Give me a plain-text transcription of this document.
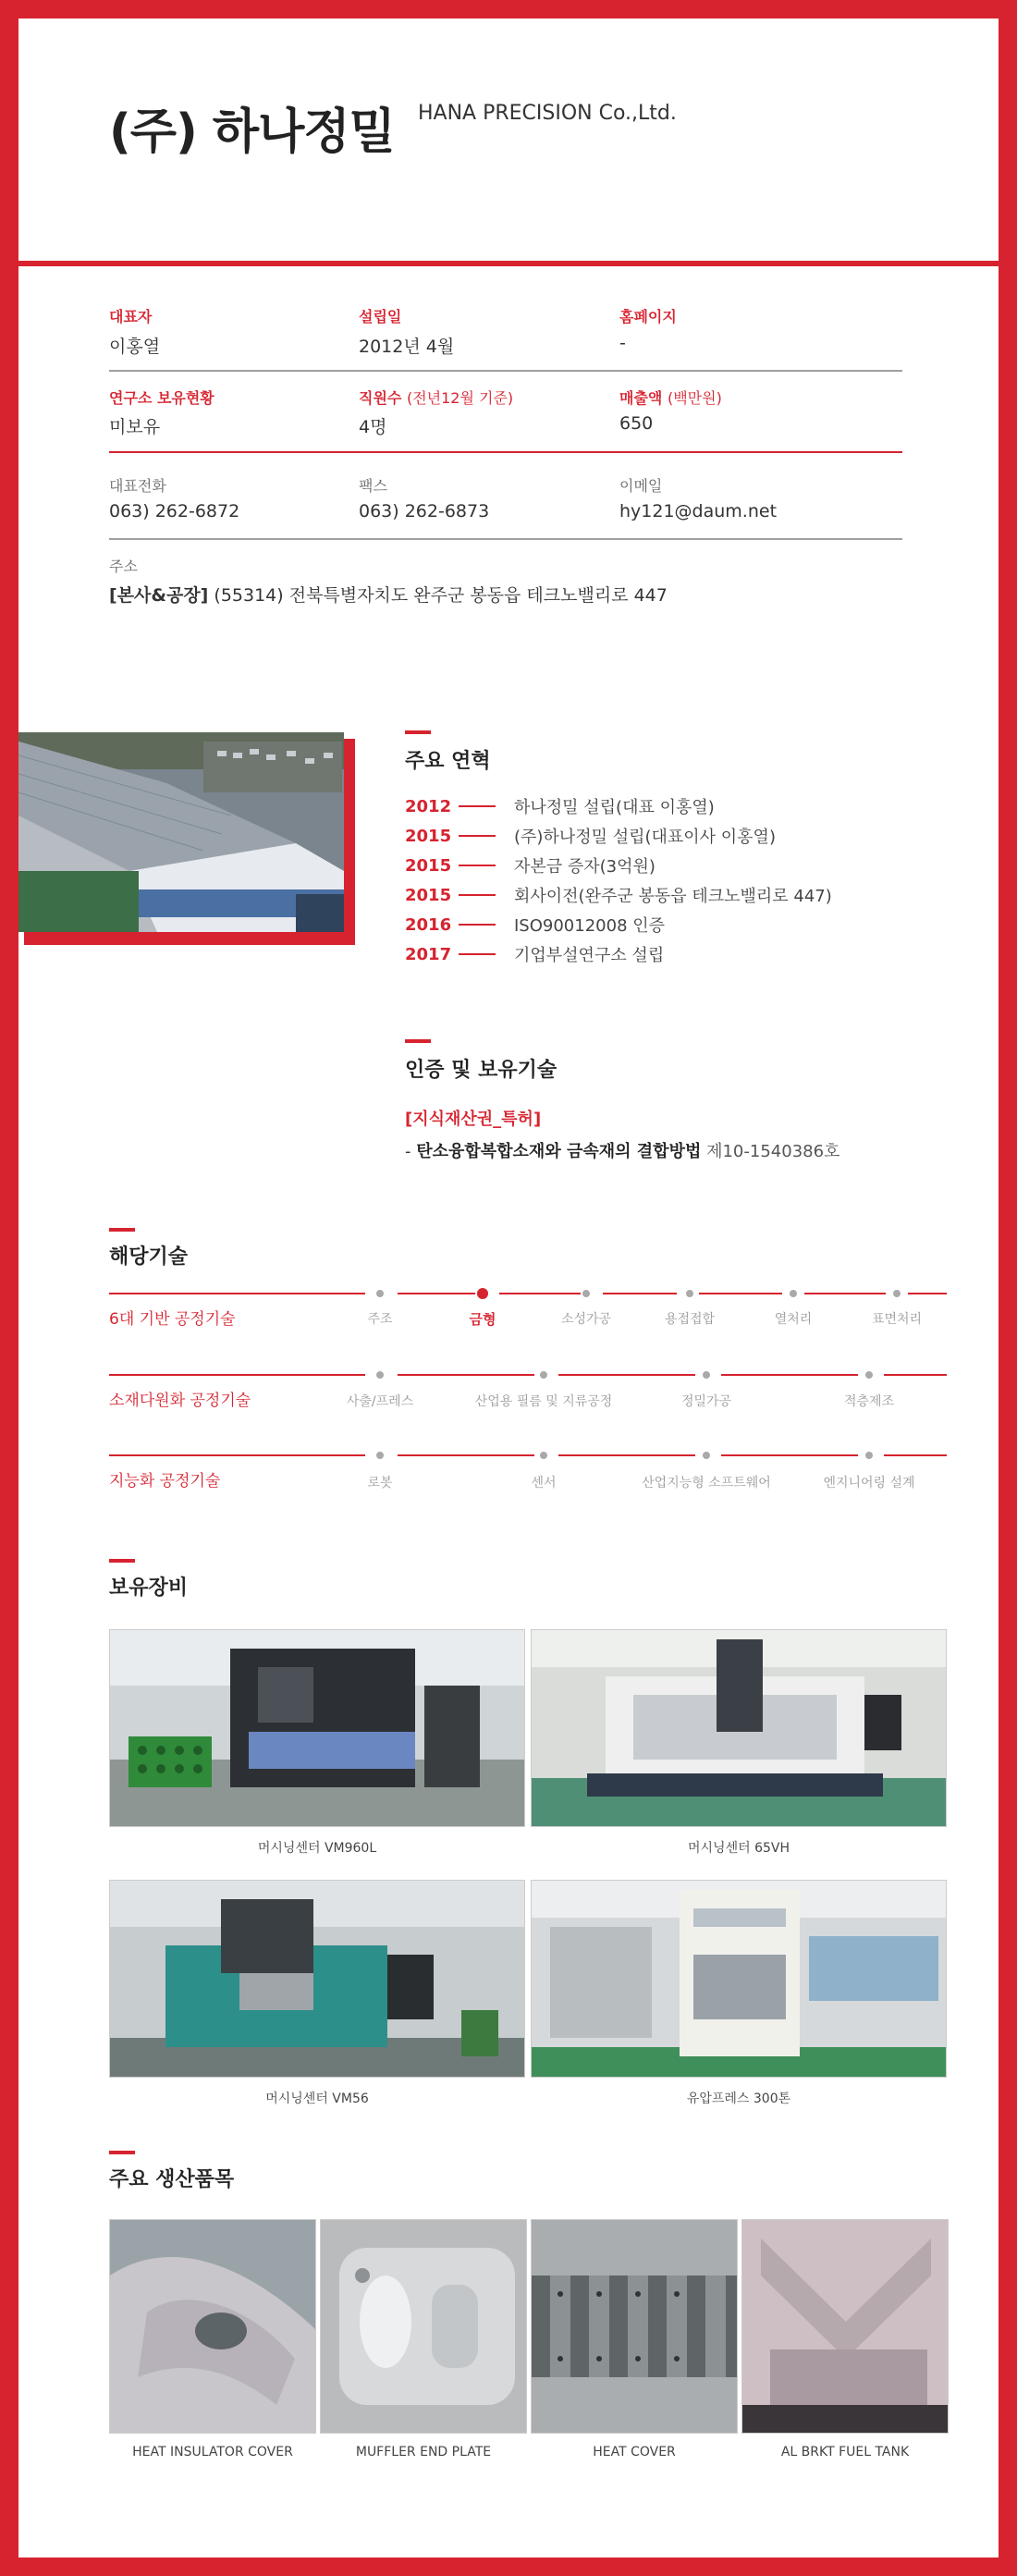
(주) 하나정밀 HANA PRECISION Co.,Ltd.
대표자
이홍열
설립일
2012년 4월
홈페이지
-
연구소 보유현황
미보유
직원수 (전년12월 기준)
4명
매출액 (백만원)
650
대표전화
063) 262-6872
팩스
063) 262-6873
이메일
hy121@daum.net
주소
[본사&공장] (55314) 전북특별자치도 완주군 봉동읍 테크노밸리로 447
주요 연혁
2012	하나정밀 설립(대표 이홍열)
2015	(주)하나정밀 설립(대표이사 이홍열)
2015	자본금 증자(3억원)
2015	회사이전(완주군 봉동읍 테크노밸리로 447)
2016	ISO90012008 인증
2017	기업부설연구소 설립
인증 및 보유기술
[지식재산권_특허]
- 탄소융합복합소재와 금속재의 결합방법 제10-1540386호
해당기술
6대 기반 공정기술	주조	금형	소성가공	용접접합	열처리	표면처리
소재다원화 공정기술	사출/프레스	산업용 필름 및 지류공정	정밀가공	적층제조
지능화 공정기술	로봇	센서	산업지능형 소프트웨어	엔지니어링 설계
보유장비
머시닝센터 VM960L	머시닝센터 65VH
머시닝센터 VM56	유압프레스 300톤
주요 생산품목
HEAT INSULATOR COVER	MUFFLER END PLATE	HEAT COVER	AL BRKT FUEL TANK
